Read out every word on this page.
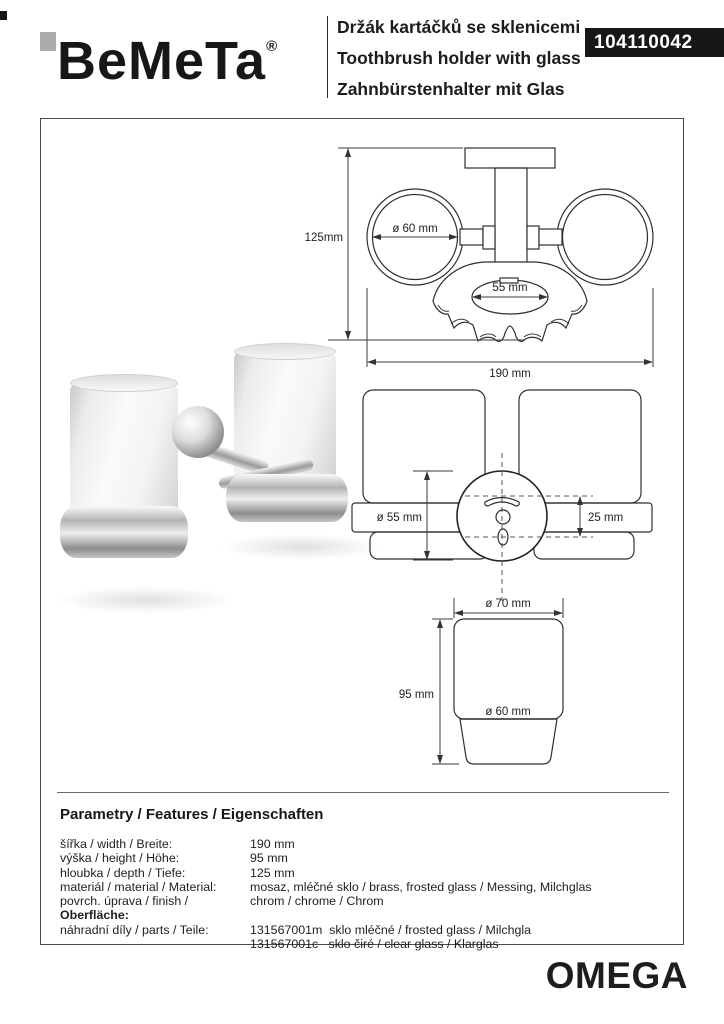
BeMeTa®
Držák kartáčků se sklenicemi
Toothbrush holder with glass
Zahnbürstenhalter mit Glas
104110042
55 mm
ø 60 mm
125mm
190 mm
ø 55 mm	25 mm
ø 70 mm
ø 60 mm
95 mm
Parametry / Features / Eigenschaften
šířka / width / Breite:	190 mm
výška / height / Höhe:	95 mm
hloubka / depth / Tiefe:	125 mm
materiál / material / Material:	mosaz, mléčné sklo / brass, frosted glass / Messing, Milchglas
povrch. úprava / finish / Oberfläche:
chrom / chrome / Chrom
náhradní díly / parts / Teile:	131567001m  sklo mléčné / frosted glass / Milchgla
131567001c   sklo čiré / clear glass / Klarglas
OMEGA
